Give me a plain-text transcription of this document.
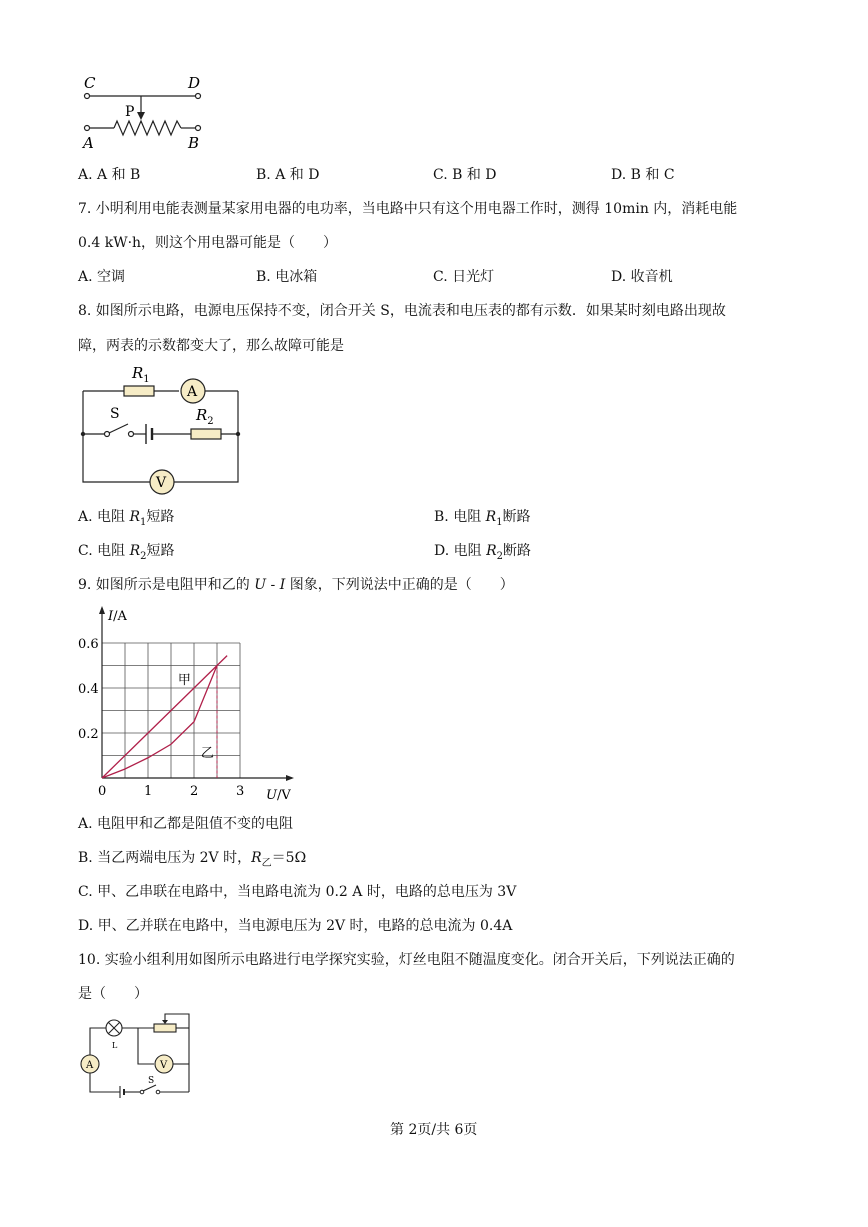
C	D
P
A	B
A. A 和 B	B. A 和 D	C. B 和 D	D. B 和 C
7. 小明利用电能表测量某家用电器的电功率，当电路中只有这个用电器工作时，测得 10min 内，消耗电能
0.4 kW·h，则这个用电器可能是（　　）
A. 空调	B. 电冰箱	C. 日光灯	D. 收音机
8. 如图所示电路，电源电压保持不变，闭合开关 S，电流表和电压表的都有示数．如果某时刻电路出现故
障，两表的示数都变大了，那么故障可能是
A
V
$R_1$
S	$R_2$
A. 电阻 $R_1$短路	B. 电阻 $R_1$断路
C. 电阻 $R_2$短路	D. 电阻 $R_2$断路
9. 如图所示是电阻甲和乙的 U - I 图象，下列说法中正确的是（　　）
0	1	2	3
0.2
0.4
0.6
I/A
U/V
甲
乙
A. 电阻甲和乙都是阻值不变的电阻
B. 当乙两端电压为 2V 时，$R_乙=5\Omega$
C. 甲、乙串联在电路中，当电路电流为 0.2 A 时，电路的总电压为 3V
D. 甲、乙并联在电路中，当电源电压为 2V 时，电路的总电流为 0.4A
10. 实验小组利用如图所示电路进行电学探究实验，灯丝电阻不随温度变化。闭合开关后，下列说法正确的
是（　　）
L
V
A
S
第 2页/共 6页
